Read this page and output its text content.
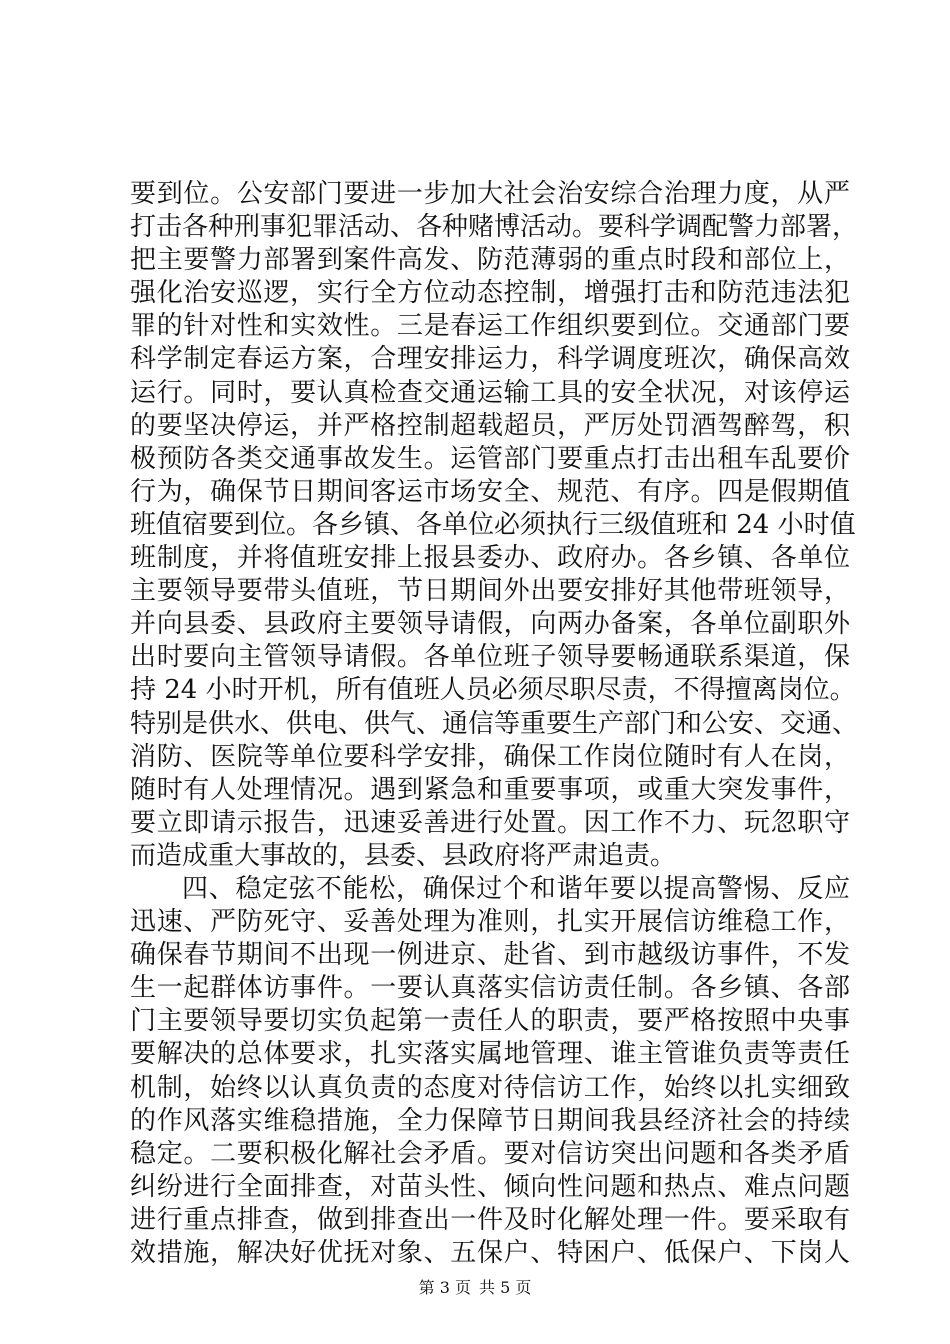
要到位。公安部门要进一步加大社会治安综合治理力度，从严
打击各种刑事犯罪活动、各种赌博活动。要科学调配警力部署，
把主要警力部署到案件高发、防范薄弱的重点时段和部位上，
强化治安巡逻，实行全方位动态控制，增强打击和防范违法犯
罪的针对性和实效性。三是春运工作组织要到位。交通部门要
科学制定春运方案，合理安排运力，科学调度班次，确保高效
运行。同时，要认真检查交通运输工具的安全状况，对该停运
的要坚决停运，并严格控制超载超员，严厉处罚酒驾醉驾，积
极预防各类交通事故发生。运管部门要重点打击出租车乱要价
行为，确保节日期间客运市场安全、规范、有序。四是假期值
班值宿要到位。各乡镇、各单位必须执行三级值班和 24 小时值
班制度，并将值班安排上报县委办、政府办。各乡镇、各单位
主要领导要带头值班，节日期间外出要安排好其他带班领导，
并向县委、县政府主要领导请假，向两办备案，各单位副职外
出时要向主管领导请假。各单位班子领导要畅通联系渠道，保
持 24 小时开机，所有值班人员必须尽职尽责，不得擅离岗位。
特别是供水、供电、供气、通信等重要生产部门和公安、交通、
消防、医院等单位要科学安排，确保工作岗位随时有人在岗，
随时有人处理情况。遇到紧急和重要事项，或重大突发事件，
要立即请示报告，迅速妥善进行处置。因工作不力、玩忽职守
而造成重大事故的，县委、县政府将严肃追责。
四、稳定弦不能松，确保过个和谐年要以提高警惕、反应
迅速、严防死守、妥善处理为准则，扎实开展信访维稳工作，
确保春节期间不出现一例进京、赴省、到市越级访事件，不发
生一起群体访事件。一要认真落实信访责任制。各乡镇、各部
门主要领导要切实负起第一责任人的职责，要严格按照中央事
要解决的总体要求，扎实落实属地管理、谁主管谁负责等责任
机制，始终以认真负责的态度对待信访工作，始终以扎实细致
的作风落实维稳措施，全力保障节日期间我县经济社会的持续
稳定。二要积极化解社会矛盾。要对信访突出问题和各类矛盾
纠纷进行全面排查，对苗头性、倾向性问题和热点、难点问题
进行重点排查，做到排查出一件及时化解处理一件。要采取有
效措施，解决好优抚对象、五保户、特困户、低保户、下岗人
第 3 页 共 5 页
